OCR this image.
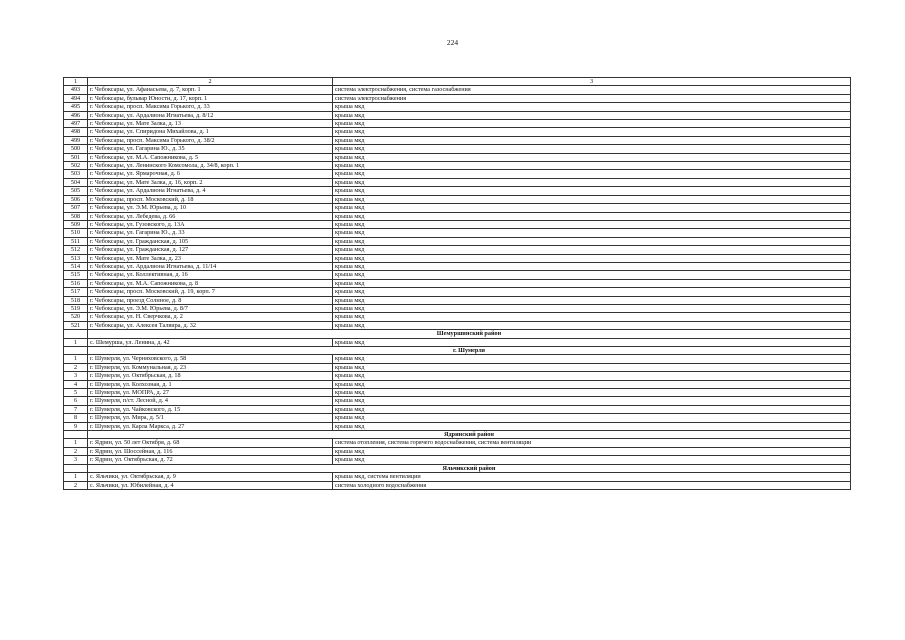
224
1	2	3
493	г. Чебоксары, ул. Афанасьева, д. 7, корп. 1	система электроснабжения, система газоснабжения
494	г. Чебоксары, бульвар Юности, д. 17, корп. 1	система электроснабжения
495	г. Чебоксары, просп. Максима Горького, д. 33	крыша мкд
496	г. Чебоксары, ул. Ардалиона Игнатьева, д. 8/12	крыша мкд
497	г. Чебоксары, ул. Мате Залка, д. 13	крыша мкд
498	г. Чебоксары, ул. Спиридона Михайлова, д. 1	крыша мкд
499	г. Чебоксары, просп. Максима Горького, д. 38/2	крыша мкд
500	г. Чебоксары, ул. Гагарина Ю., д. 35	крыша мкд
501	г. Чебоксары, ул. М.А. Сапожникова, д. 5	крыша мкд
502	г. Чебоксары, ул. Ленинского Комсомола, д. 34/8, корп. 1	крыша мкд
503	г. Чебоксары, ул. Ярмарочная, д. 6	крыша мкд
504	г. Чебоксары, ул. Мате Залка, д. 16, корп. 2	крыша мкд
505	г. Чебоксары, ул. Ардалиона Игнатьева, д. 4	крыша мкд
506	г. Чебоксары, просп. Московский, д. 18	крыша мкд
507	г. Чебоксары, ул. Э.М. Юрьева, д. 10	крыша мкд
508	г. Чебоксары, ул. Лебедева, д. 66	крыша мкд
509	г. Чебоксары, ул. Гузовского, д. 13А	крыша мкд
510	г. Чебоксары, ул. Гагарина Ю., д. 33	крыша мкд
511	г. Чебоксары, ул. Гражданская, д. 105	крыша мкд
512	г. Чебоксары, ул. Гражданская, д. 127	крыша мкд
513	г. Чебоксары, ул. Мате Залка, д. 23	крыша мкд
514	г. Чебоксары, ул. Ардалиона Игнатьева, д. 11/14	крыша мкд
515	г. Чебоксары, ул. Коллективная, д. 16	крыша мкд
516	г. Чебоксары, ул. М.А. Сапожникова, д. 8	крыша мкд
517	г. Чебоксары, просп. Московский, д. 19, корп. 7	крыша мкд
518	г. Чебоксары, проезд Солнное, д. 8	крыша мкд
519	г. Чебоксары, ул. Э.М. Юрьева, д. 8/7	крыша мкд
520	г. Чебоксары, ул. Н. Сверчкова, д. 2	крыша мкд
521	г. Чебоксары, ул. Алексея Талвира, д. 32	крыша мкд
	Шемуршинский район	
1	с. Шемурша, ул. Ленина, д. 42	крыша мкд
	г. Шумерля	
1	г. Шумерля, ул. Черняховского, д. 58	крыша мкд
2	г. Шумерля, ул. Коммунальная, д. 23	крыша мкд
3	г. Шумерля, ул. Октябрьская, д. 18	крыша мкд
4	г. Шумерля, ул. Колхозная, д. 1	крыша мкд
5	г. Шумерля, ул. МОПРА, д. 27	крыша мкд
6	г. Шумерля, п/ст. Лесной, д. 4	крыша мкд
7	г. Шумерля, ул. Чайковского, д. 15	крыша мкд
8	г. Шумерля, ул. Мира, д. 5/1	крыша мкд
9	г. Шумерля, ул. Карла Маркса, д. 27	крыша мкд
	Ядринский район	
1	г. Ядрин, ул. 50 лет Октября, д. 68	система отопления, система горячего водоснабжения, система вентиляции
2	г. Ядрин, ул. Шоссейная, д. 116	крыша мкд
3	г. Ядрин, ул. Октябрьская, д. 72	крыша мкд
	Яльчикский район	
1	с. Яльчики, ул. Октябрьская, д. 9	крыша мкд, система вентиляции
2	с. Яльчики, ул. Юбилейная, д. 4	система холодного водоснабжения
